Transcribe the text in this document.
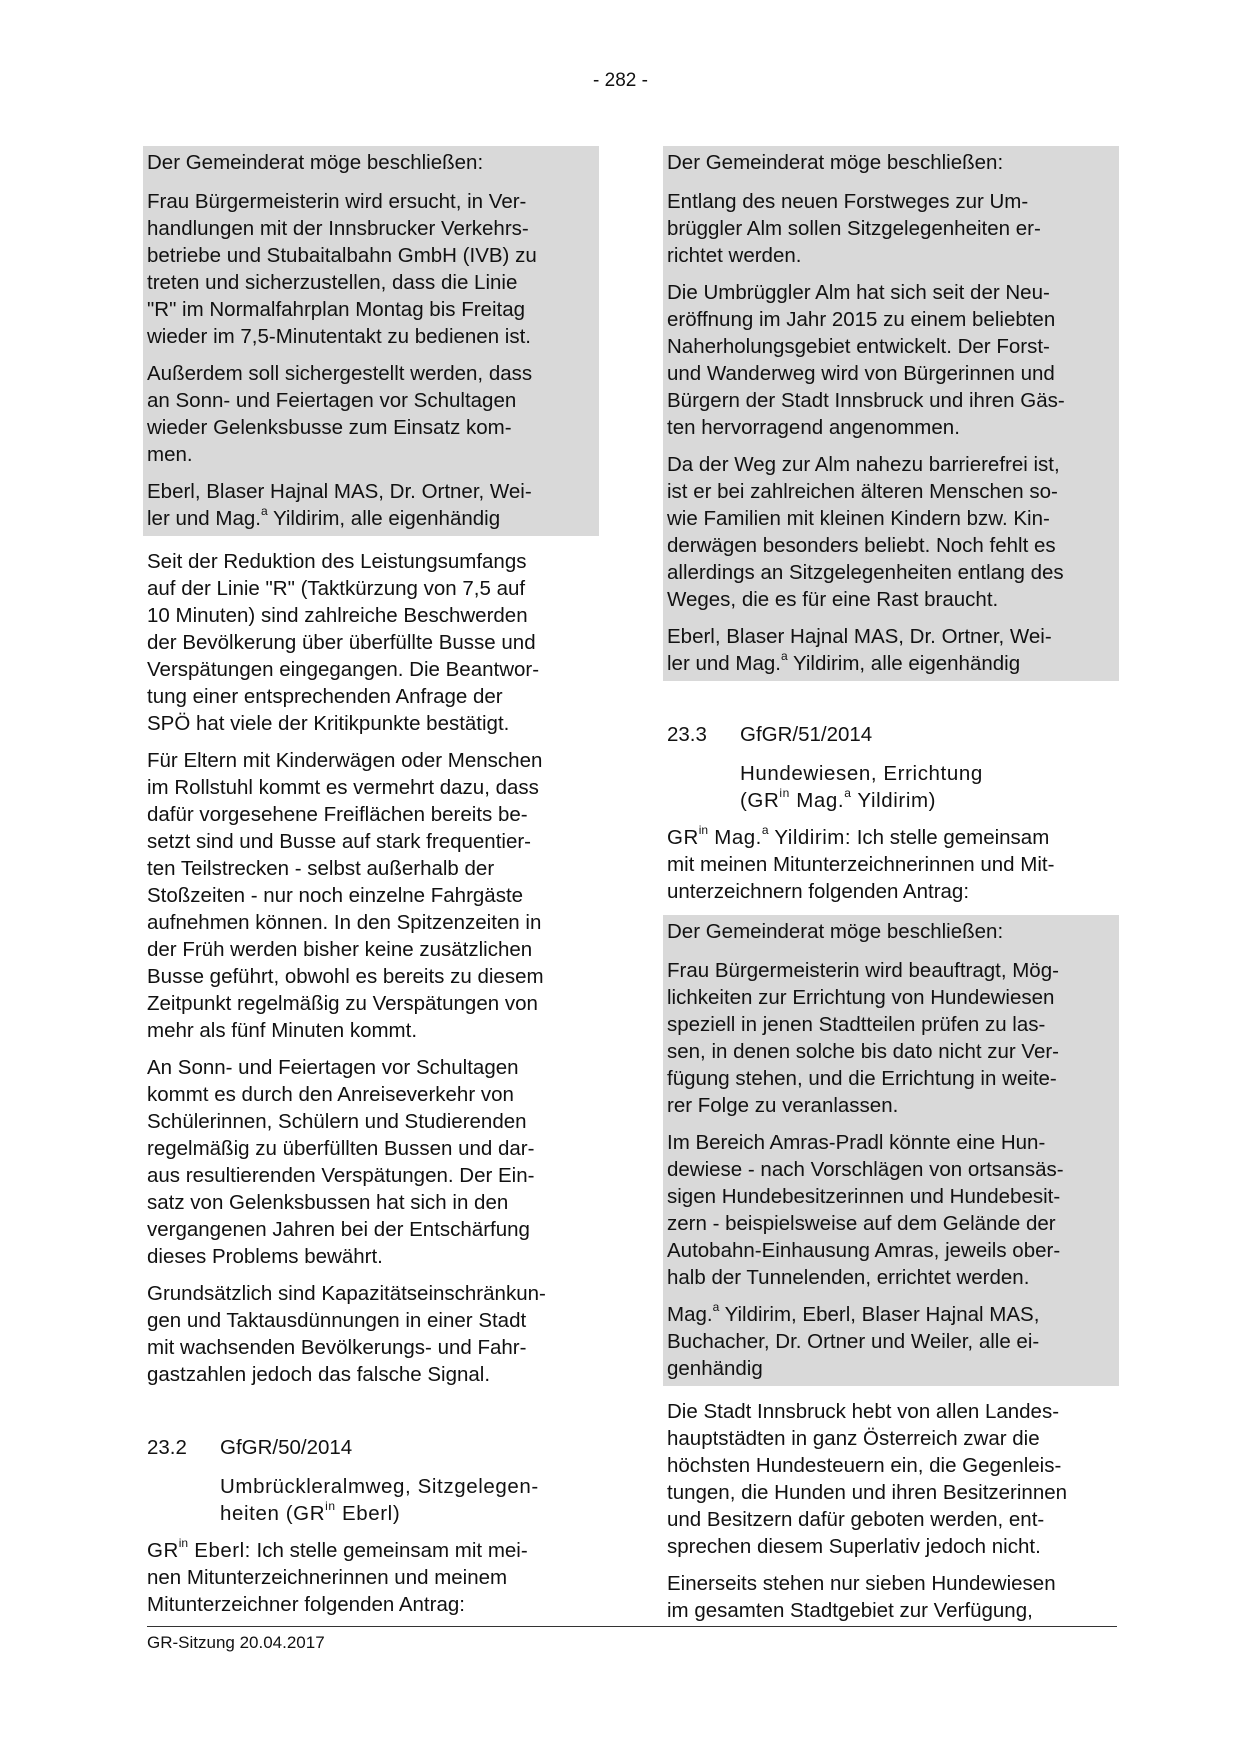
- 282 -

Der Gemeinderat möge beschließen:

Frau Bürgermeisterin wird ersucht, in Ver-
handlungen mit der Innsbrucker Verkehrs-
betriebe und Stubaitalbahn GmbH (IVB) zu
treten und sicherzustellen, dass die Linie
"R" im Normalfahrplan Montag bis Freitag
wieder im 7,5-Minutentakt zu bedienen ist.

Außerdem soll sichergestellt werden, dass
an Sonn- und Feiertagen vor Schultagen
wieder Gelenksbusse zum Einsatz kom-
men.

Eberl, Blaser Hajnal MAS, Dr. Ortner, Wei-
ler und Mag.$^a$ Yildirim, alle eigenhändig

Seit der Reduktion des Leistungsumfangs
auf der Linie "R" (Taktkürzung von 7,5 auf
10 Minuten) sind zahlreiche Beschwerden
der Bevölkerung über überfüllte Busse und
Verspätungen eingegangen. Die Beantwor-
tung einer entsprechenden Anfrage der
SPÖ hat viele der Kritikpunkte bestätigt.

Für Eltern mit Kinderwägen oder Menschen
im Rollstuhl kommt es vermehrt dazu, dass
dafür vorgesehene Freiflächen bereits be-
setzt sind und Busse auf stark frequentier-
ten Teilstrecken - selbst außerhalb der
Stoßzeiten - nur noch einzelne Fahrgäste
aufnehmen können. In den Spitzenzeiten in
der Früh werden bisher keine zusätzlichen
Busse geführt, obwohl es bereits zu diesem
Zeitpunkt regelmäßig zu Verspätungen von
mehr als fünf Minuten kommt.

An Sonn- und Feiertagen vor Schultagen
kommt es durch den Anreiseverkehr von
Schülerinnen, Schülern und Studierenden
regelmäßig zu überfüllten Bussen und dar-
aus resultierenden Verspätungen. Der Ein-
satz von Gelenksbussen hat sich in den
vergangenen Jahren bei der Entschärfung
dieses Problems bewährt.

Grundsätzlich sind Kapazitätseinschränkun-
gen und Taktausdünnungen in einer Stadt
mit wachsenden Bevölkerungs- und Fahr-
gastzahlen jedoch das falsche Signal.

23.2	GfGR/50/2014
Umbrückleralmweg, Sitzgelegen-
heiten ($GR^{in}$ Eberl)

$GR^{in}$ Eberl: Ich stelle gemeinsam mit mei-
nen Mitunterzeichnerinnen und meinem
Mitunterzeichner folgenden Antrag:

Der Gemeinderat möge beschließen:

Entlang des neuen Forstweges zur Um-
brüggler Alm sollen Sitzgelegenheiten er-
richtet werden.

Die Umbrüggler Alm hat sich seit der Neu-
eröffnung im Jahr 2015 zu einem beliebten
Naherholungsgebiet entwickelt. Der Forst-
und Wanderweg wird von Bürgerinnen und
Bürgern der Stadt Innsbruck und ihren Gäs-
ten hervorragend angenommen.

Da der Weg zur Alm nahezu barrierefrei ist,
ist er bei zahlreichen älteren Menschen so-
wie Familien mit kleinen Kindern bzw. Kin-
derwägen besonders beliebt. Noch fehlt es
allerdings an Sitzgelegenheiten entlang des
Weges, die es für eine Rast braucht.

Eberl, Blaser Hajnal MAS, Dr. Ortner, Wei-
ler und Mag.$^a$ Yildirim, alle eigenhändig

23.3	GfGR/51/2014
Hundewiesen, Errichtung
($GR^{in}$ Mag.$^a$ Yildirim)

$GR^{in}$ Mag.$^a$ Yildirim: Ich stelle gemeinsam
mit meinen Mitunterzeichnerinnen und Mit-
unterzeichnern folgenden Antrag:

Der Gemeinderat möge beschließen:

Frau Bürgermeisterin wird beauftragt, Mög-
lichkeiten zur Errichtung von Hundewiesen
speziell in jenen Stadtteilen prüfen zu las-
sen, in denen solche bis dato nicht zur Ver-
fügung stehen, und die Errichtung in weite-
rer Folge zu veranlassen.

Im Bereich Amras-Pradl könnte eine Hun-
dewiese - nach Vorschlägen von ortsansäs-
sigen Hundebesitzerinnen und Hundebesit-
zern - beispielsweise auf dem Gelände der
Autobahn-Einhausung Amras, jeweils ober-
halb der Tunnelenden, errichtet werden.

Mag.$^a$ Yildirim, Eberl, Blaser Hajnal MAS,
Buchacher, Dr. Ortner und Weiler, alle ei-
genhändig

Die Stadt Innsbruck hebt von allen Landes-
hauptstädten in ganz Österreich zwar die
höchsten Hundesteuern ein, die Gegenleis-
tungen, die Hunden und ihren Besitzerinnen
und Besitzern dafür geboten werden, ent-
sprechen diesem Superlativ jedoch nicht.

Einerseits stehen nur sieben Hundewiesen
im gesamten Stadtgebiet zur Verfügung,

GR-Sitzung 20.04.2017
